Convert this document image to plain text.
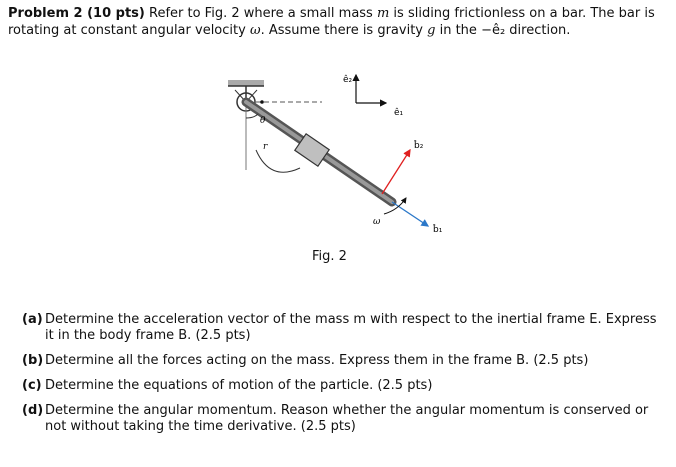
Problem 2 (10 pts) Refer to Fig. 2 where a small mass m is sliding frictionless on a bar. The bar is rotating at constant angular velocity ω. Assume there is gravity g in the −ê₂ direction.
r
θ
ê₂
ê₁
b̂₂
b̂₁
ω
Fig. 2
(a) Determine the acceleration vector of the mass m with respect to the inertial frame E. Express it in the body frame B. (2.5 pts)
(b) Determine all the forces acting on the mass. Express them in the frame B. (2.5 pts)
(c) Determine the equations of motion of the particle. (2.5 pts)
(d) Determine the angular momentum. Reason whether the angular momentum is conserved or not without taking the time derivative. (2.5 pts)
